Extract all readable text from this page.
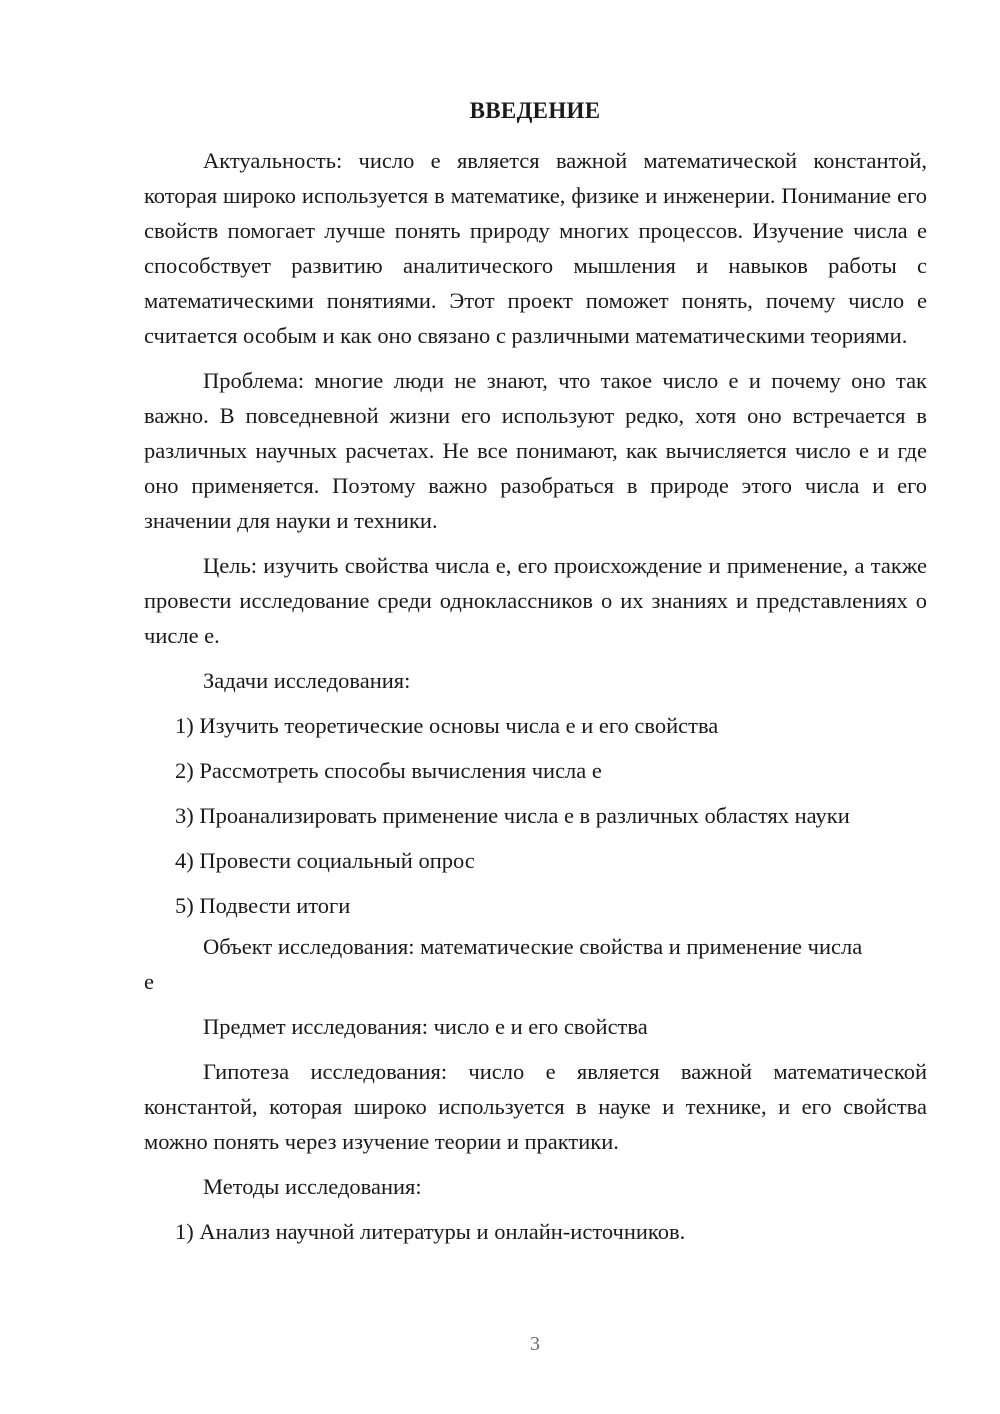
ВВЕДЕНИЕ

Актуальность: число е является важной математической константой, которая широко используется в математике, физике и инженерии. Понимание его свойств помогает лучше понять природу многих процессов. Изучение числа е способствует развитию аналитического мышления и навыков работы с математическими понятиями. Этот проект поможет понять, почему число е считается особым и как оно связано с различными математическими теориями.

Проблема: многие люди не знают, что такое число е и почему оно так важно. В повседневной жизни его используют редко, хотя оно встречается в различных научных расчетах. Не все понимают, как вычисляется число е и где оно применяется. Поэтому важно разобраться в природе этого числа и его значении для науки и техники.

Цель: изучить свойства числа е, его происхождение и применение, а также провести исследование среди одноклассников о их знаниях и представлениях о числе е.

Задачи исследования:

1) Изучить теоретические основы числа е и его свойства

2) Рассмотреть способы вычисления числа е

3) Проанализировать применение числа е в различных областях науки

4) Провести социальный опрос

5) Подвести итоги

Объект исследования: математические свойства и применение числа

е

Предмет исследования: число е и его свойства

Гипотеза исследования: число е является важной математической константой, которая широко используется в науке и технике, и его свойства можно понять через изучение теории и практики.

Методы исследования:

1) Анализ научной литературы и онлайн-источников.

3
